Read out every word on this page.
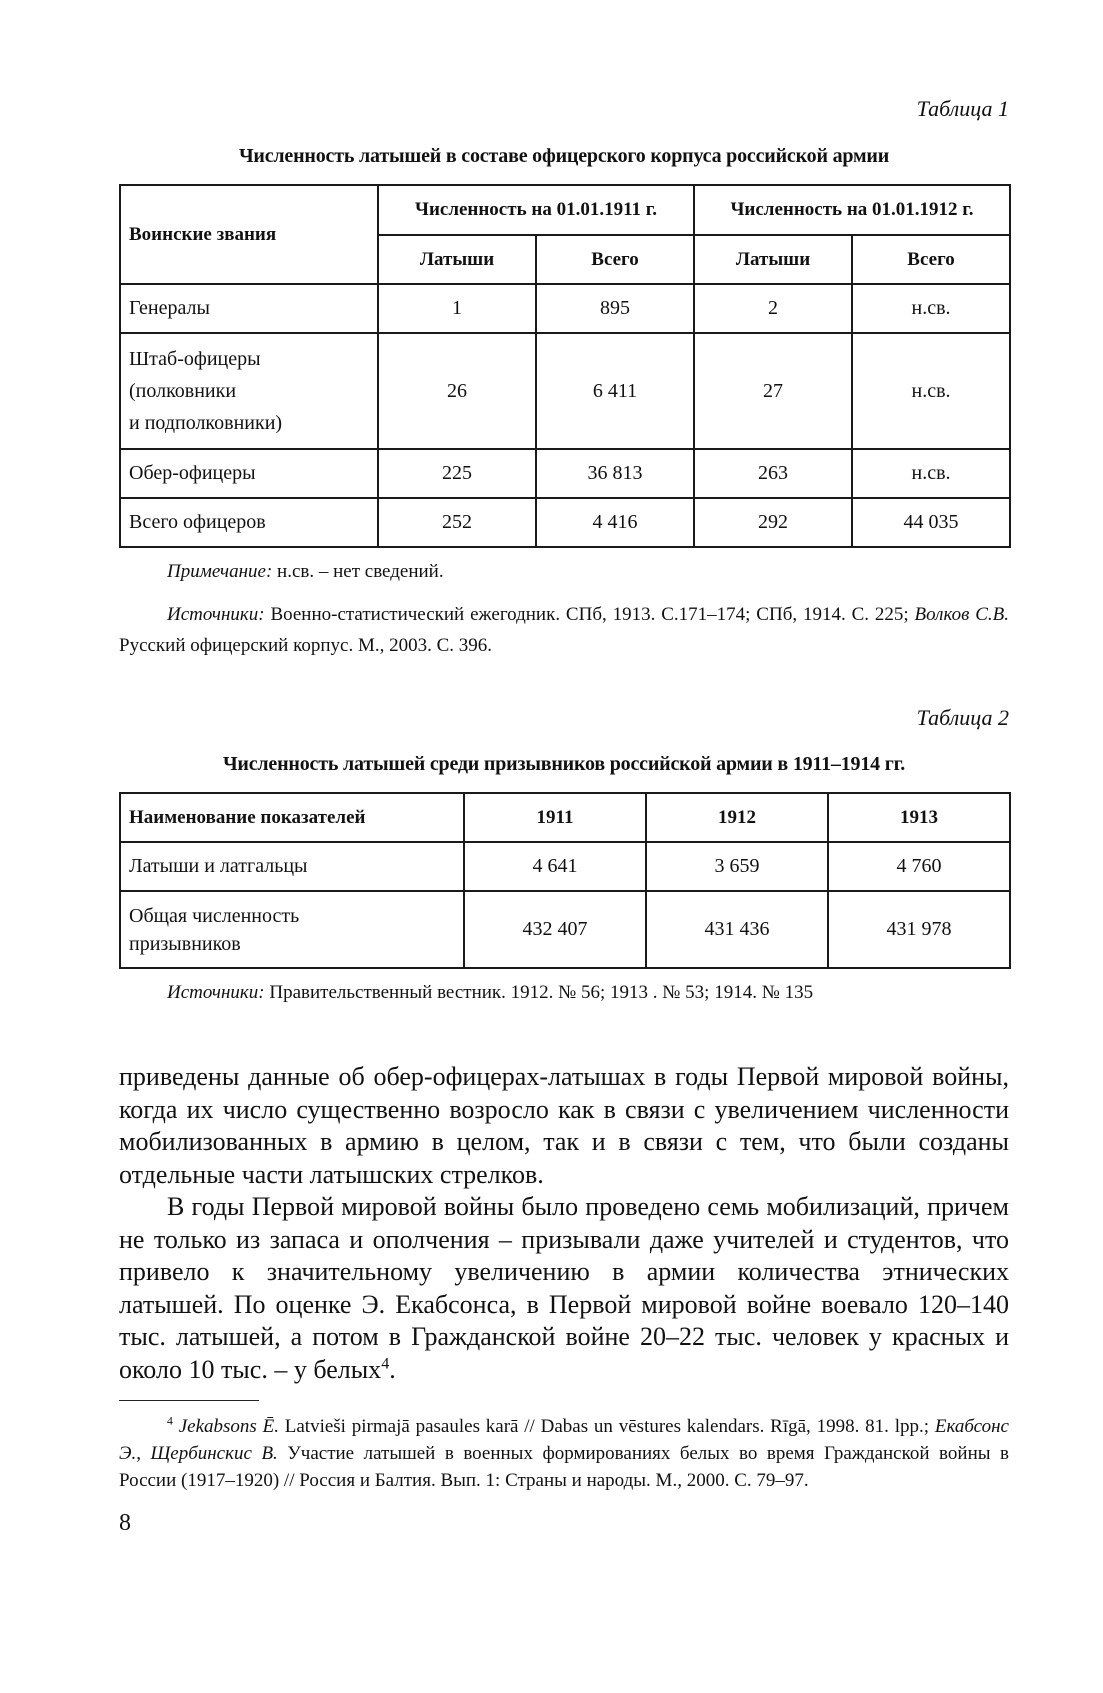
Таблица 1
Численность латышей в составе офицерского корпуса российской армии
Воинские звания	Численность на 01.01.1911 г.		Численность на 01.01.1912 г.	
	Латыши	Всего	Латыши	Всего
Генералы	1	895	2	н.св.

Штаб-офицеры
(полковники
и подполковники)	26	6 411	27	н.св.
Обер-офицеры	225	36 813	263	н.св.
Всего офицеров	252	4 416	292	44 035
Примечание: н.св. – нет сведений.
Источники: Военно-статистический ежегодник. СПб, 1913. С.171–174; СПб, 1914. С. 225; Волков С.В. Русский офицерский корпус. М., 2003. С. 396.
Таблица 2
Численность латышей среди призывников российской армии в 1911–1914 гг.
Наименование показателей	1911	1912	1913
Латыши и латгальцы	4 641	3 659	4 760

Общая численность
призывников	432 407	431 436	431 978
Источники: Правительственный вестник. 1912. № 56; 1913 . № 53; 1914. № 135

приведены данные об обер-офицерах-латышах в годы Первой мировой войны, когда их число существенно возросло как в связи с увеличением численности мобилизованных в армию в целом, так и в связи с тем, что были созданы отдельные части латышских стрелков.

В годы Первой мировой войны было проведено семь мобилизаций, причем не только из запаса и ополчения – призывали даже учителей и студентов, что привело к значительному увеличению в армии количества этнических латышей. По оценке Э. Екабсонса, в Первой мировой войне воевало 120–140 тыс. латышей, а потом в Гражданской войне 20–22 тыс. человек у красных и около 10 тыс. – у белых$^4$.

$^4$ Jekabsons Ē. Latvieši pirmajā pasaules karā // Dabas un vēstures kalendars. Rīgā, 1998. 81. lpp.; Екабсонс Э., Щербинскис В. Участие латышей в военных формированиях белых во время Гражданской войны в России (1917–1920) // Россия и Балтия. Вып. 1: Страны и народы. М., 2000. С. 79–97.
8
